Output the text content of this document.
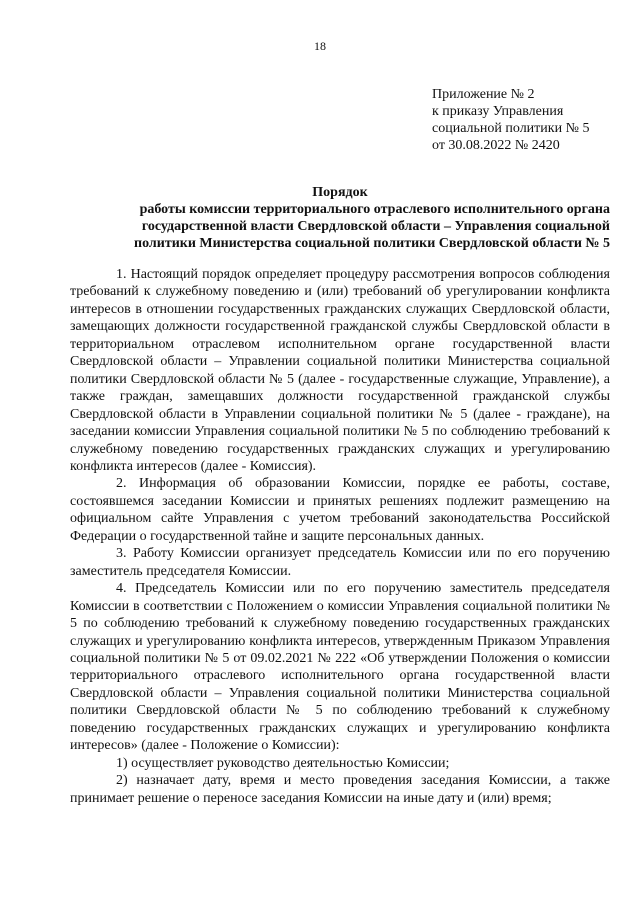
18
Приложение № 2
к приказу Управления
социальной политики № 5
от 30.08.2022 № 2420
Порядок
работы комиссии территориального отраслевого исполнительного органа
государственной власти Свердловской области – Управления социальной
политики Министерства социальной политики Свердловской области № 5

1. Настоящий порядок определяет процедуру рассмотрения вопросов соблюдения требований к служебному поведению и (или) требований об урегулировании конфликта интересов в отношении государственных гражданских служащих Свердловской области, замещающих должности государственной гражданской службы Свердловской области в территориальном отраслевом исполнительном органе государственной власти Свердловской области – Управлении социальной политики Министерства социальной политики Свердловской области № 5 (далее - государственные служащие, Управление), а также граждан, замещавших должности государственной гражданской службы Свердловской области в Управлении социальной политики № 5 (далее - граждане), на заседании комиссии Управления социальной политики № 5 по соблюдению требований к служебному поведению государственных гражданских служащих и урегулированию конфликта интересов (далее - Комиссия).

2. Информация об образовании Комиссии, порядке ее работы, составе, состоявшемся заседании Комиссии и принятых решениях подлежит размещению на официальном сайте Управления с учетом требований законодательства Российской Федерации о государственной тайне и защите персональных данных.

3. Работу Комиссии организует председатель Комиссии или по его поручению заместитель председателя Комиссии.

4. Председатель Комиссии или по его поручению заместитель председателя Комиссии в соответствии с Положением о комиссии Управления социальной политики № 5 по соблюдению требований к служебному поведению государственных гражданских служащих и урегулированию конфликта интересов, утвержденным Приказом Управления социальной политики № 5 от 09.02.2021 № 222 «Об утверждении Положения о комиссии территориального отраслевого исполнительного органа государственной власти Свердловской области – Управления социальной политики Министерства социальной политики Свердловской области № 5 по соблюдению требований к служебному поведению государственных гражданских служащих и урегулированию конфликта интересов» (далее - Положение о Комиссии):

1) осуществляет руководство деятельностью Комиссии;

2) назначает дату, время и место проведения заседания Комиссии, а также принимает решение о переносе заседания Комиссии на иные дату и (или) время;
